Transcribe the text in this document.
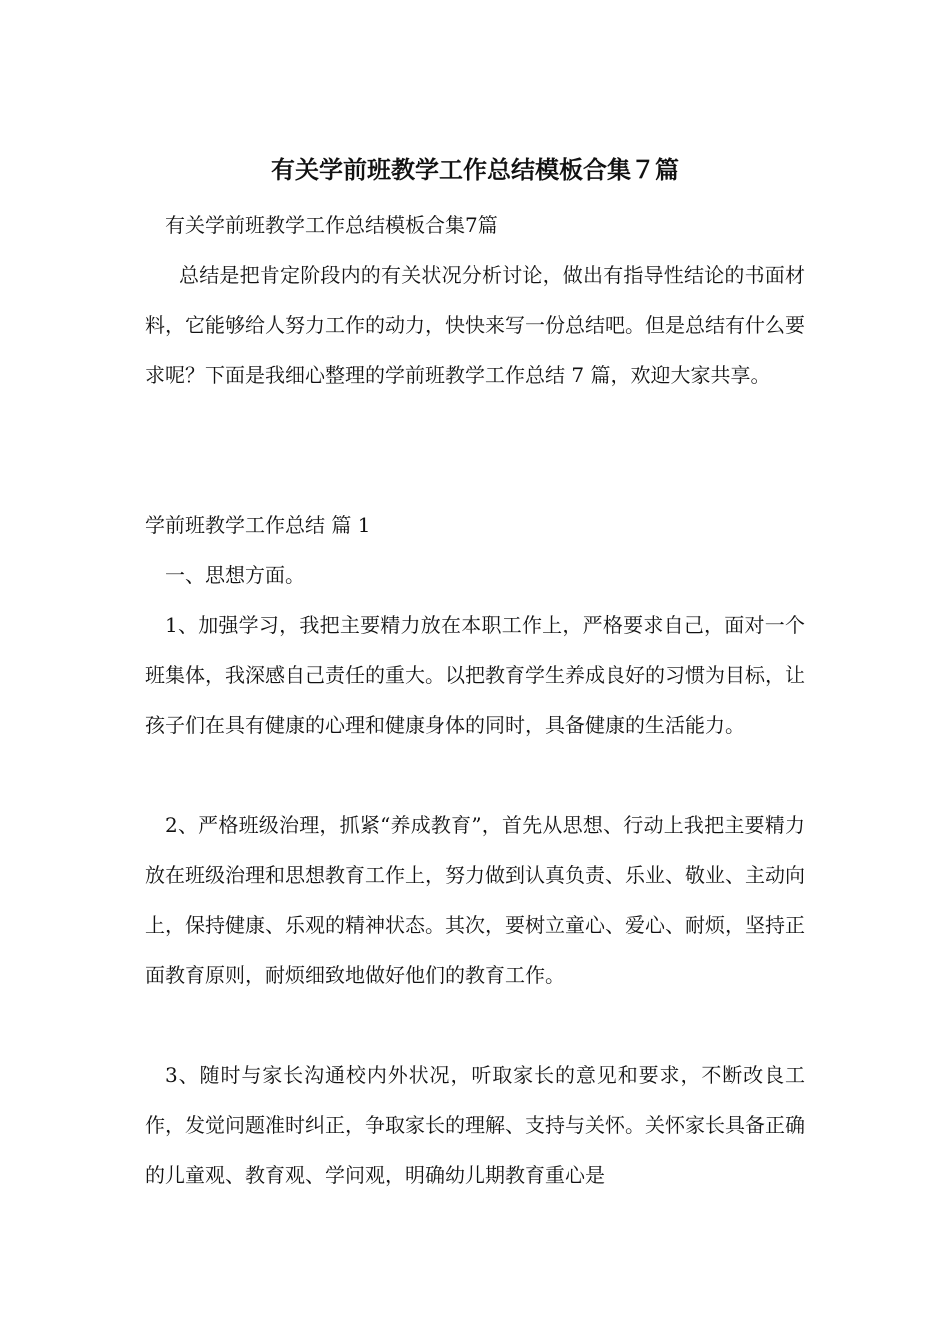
有关学前班教学工作总结模板合集７篇

有关学前班教学工作总结模板合集7篇

总结是把肯定阶段内的有关状况分析讨论，做出有指导性结论的书面材料，它能够给人努力工作的动力，快快来写一份总结吧。但是总结有什么要求呢？下面是我细心整理的学前班教学工作总结 7 篇，欢迎大家共享。

学前班教学工作总结 篇 1

一、思想方面。

1、加强学习，我把主要精力放在本职工作上，严格要求自己，面对一个班集体，我深感自己责任的重大。以把教育学生养成良好的习惯为目标，让孩子们在具有健康的心理和健康身体的同时，具备健康的生活能力。

2、严格班级治理，抓紧“养成教育”，首先从思想、行动上我把主要精力放在班级治理和思想教育工作上，努力做到认真负责、乐业、敬业、主动向上，保持健康、乐观的精神状态。其次，要树立童心、爱心、耐烦，坚持正面教育原则，耐烦细致地做好他们的教育工作。

3、随时与家长沟通校内外状况，听取家长的意见和要求，不断改良工作，发觉问题准时纠正，争取家长的理解、支持与关怀。关怀家长具备正确的儿童观、教育观、学问观，明确幼儿期教育重心是
